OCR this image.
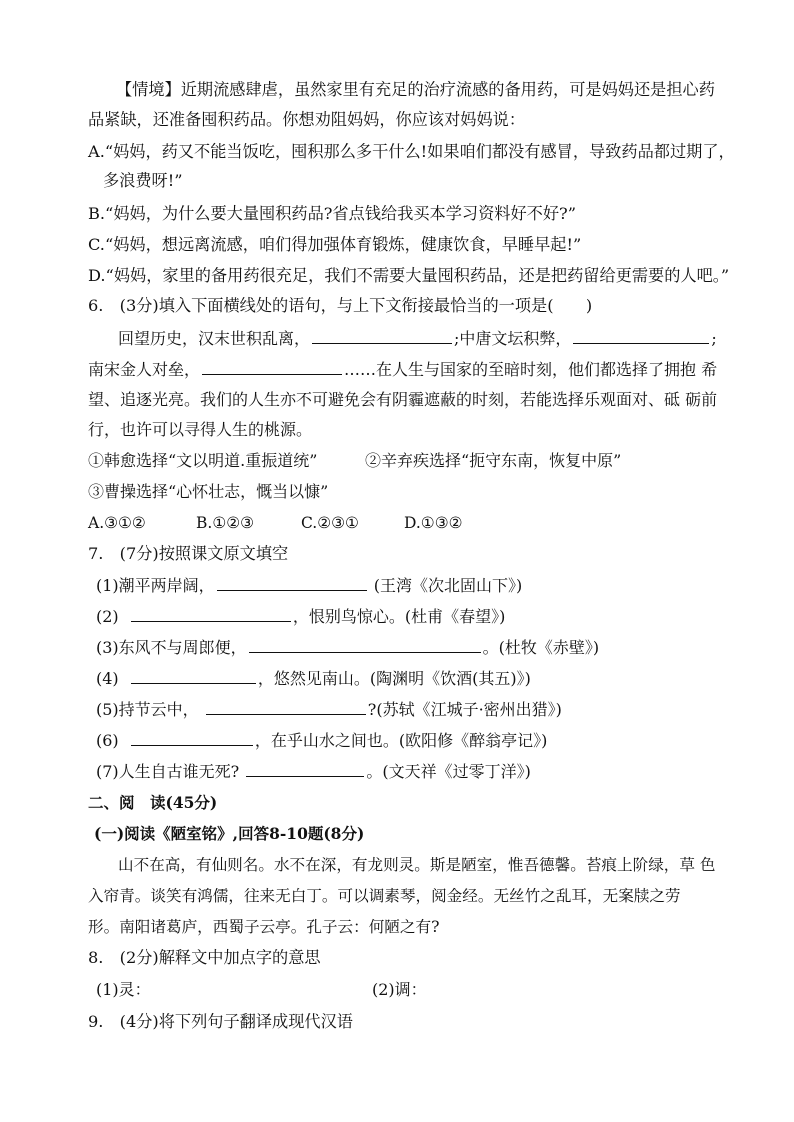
【情境】近期流感肆虐，虽然家里有充足的治疗流感的备用药，可是妈妈还是担心药
品紧缺，还准备囤积药品。你想劝阻妈妈，你应该对妈妈说：
A.“妈妈，药又不能当饭吃，囤积那么多干什么!如果咱们都没有感冒，导致药品都过期了，
多浪费呀!”
B.“妈妈，为什么要大量囤积药品?省点钱给我买本学习资料好不好?”
C.“妈妈，想远离流感，咱们得加强体育锻炼，健康饮食，早睡早起!”
D.“妈妈，家里的备用药很充足，我们不需要大量囤积药品，还是把药留给更需要的人吧。”
6.　(3分)填入下面横线处的语句，与上下文衔接最恰当的一项是(　　)
回望历史，汉末世积乱离，	;中唐文坛积弊，	;
南宋金人对垒，	……在人生与国家的至暗时刻，他们都选择了拥抱 希
望、追逐光亮。我们的人生亦不可避免会有阴霾遮蔽的时刻，若能选择乐观面对、砥 砺前
行，也许可以寻得人生的桃源。
①韩愈选择“文以明道.重振道统”	②辛弃疾选择“扼守东南，恢复中原”
③曹操选择“心怀壮志，慨当以慷”
A.③①②	B.①②③	C.②③①	D.①③②
7.　(7分)按照课文原文填空
(1)潮平两岸阔，	(王湾《次北固山下》)
(2)	，恨别鸟惊心。(杜甫《春望》)
(3)东风不与周郎便，	。(杜牧《赤壁》)
(4)	，悠然见南山。(陶渊明《饮酒(其五)》)
(5)持节云中，	?(苏轼《江城子·密州出猎》)
(6)	，在乎山水之间也。(欧阳修《醉翁亭记》)
(7)人生自古谁无死?	。(文天祥《过零丁洋》)
二、阅　读(45分)
(一)阅读《陋室铭》,回答8-10题(8分)
山不在高，有仙则名。水不在深，有龙则灵。斯是陋室，惟吾德馨。苔痕上阶绿，草 色
入帘青。谈笑有鸿儒，往来无白丁。可以调素琴，阅金经。无丝竹之乱耳，无案牍之劳
形。南阳诸葛庐，西蜀子云亭。孔子云：何陋之有?
8.　(2分)解释文中加点字的意思
(1)灵：	(2)调：
9.　(4分)将下列句子翻译成现代汉语
